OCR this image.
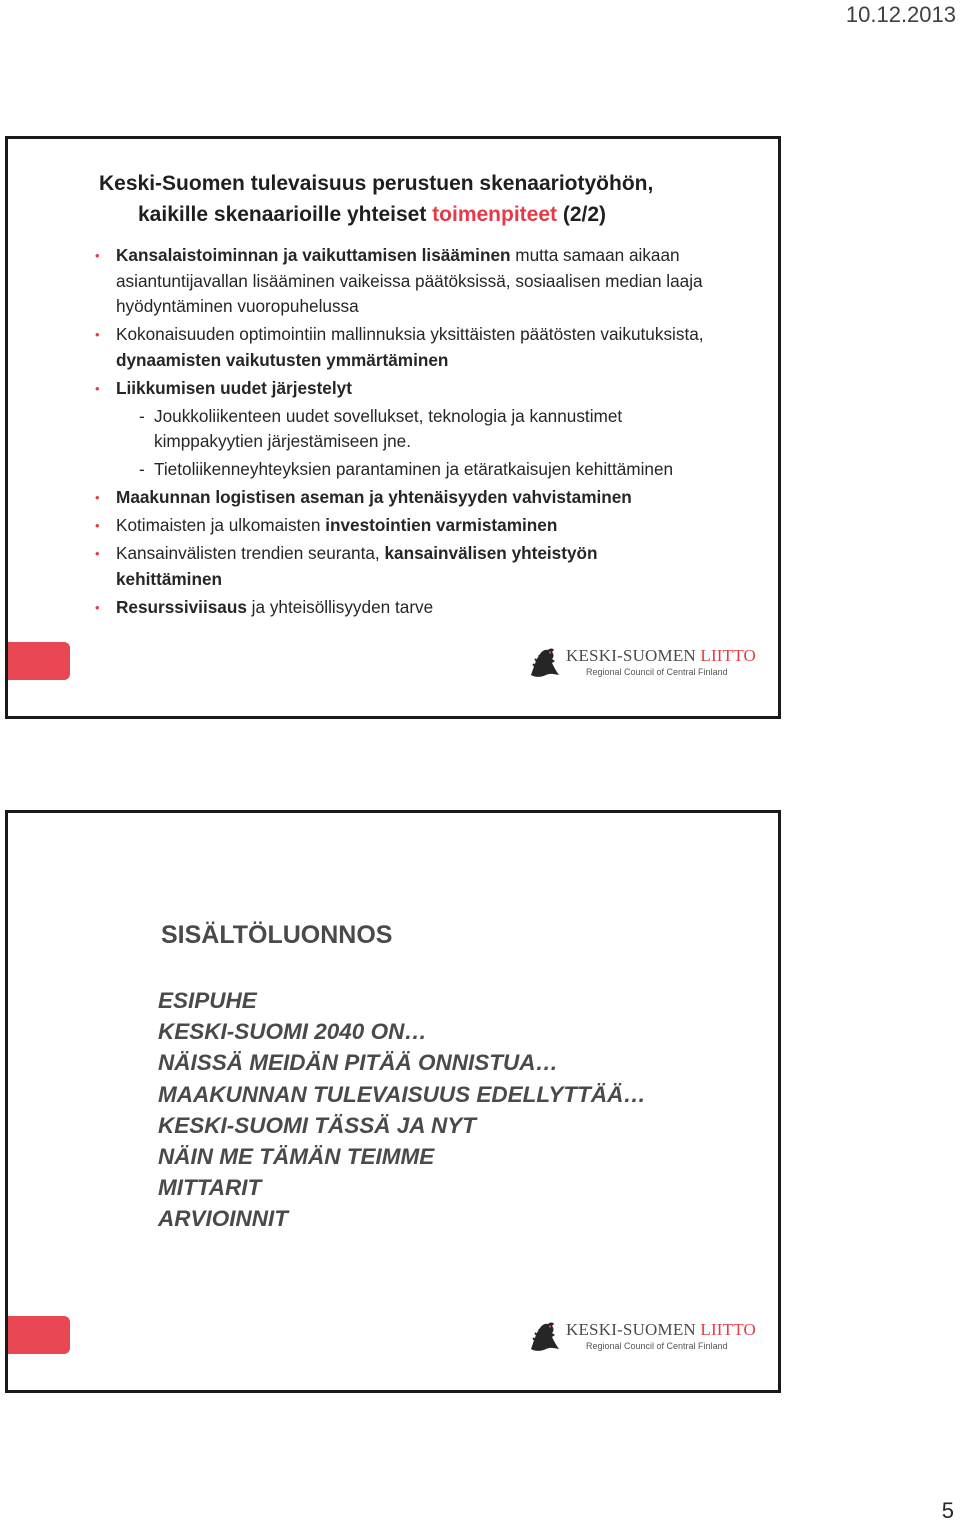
10.12.2013
Keski-Suomen tulevaisuus perustuen skenaariotyöhön,
kaikille skenaarioille yhteiset toimenpiteet (2/2)
• Kansalaistoiminnan ja vaikuttamisen lisääminen mutta samaan aikaan asiantuntijavallan lisääminen vaikeissa päätöksissä, sosiaalisen median laaja hyödyntäminen vuoropuhelussa
• Kokonaisuuden optimointiin mallinnuksia yksittäisten päätösten vaikutuksista, dynaamisten vaikutusten ymmärtäminen
• Liikkumisen uudet järjestelyt
- Joukkoliikenteen uudet sovellukset, teknologia ja kannustimet kimppakyytien järjestämiseen jne.
- Tietoliikenneyhteyksien parantaminen ja etäratkaisujen kehittäminen
• Maakunnan logistisen aseman ja yhtenäisyyden vahvistaminen
• Kotimaisten ja ulkomaisten investointien varmistaminen
• Kansainvälisten trendien seuranta, kansainvälisen yhteistyön kehittäminen
• Resurssiviisaus ja yhteisöllisyyden tarve
KESKI-SUOMEN LIITTO
Regional Council of Central Finland
SISÄLTÖLUONNOS
ESIPUHE
KESKI-SUOMI 2040 ON…
NÄISSÄ MEIDÄN PITÄÄ ONNISTUA…
MAAKUNNAN TULEVAISUUS EDELLYTTÄÄ…
KESKI-SUOMI TÄSSÄ JA NYT
NÄIN ME TÄMÄN TEIMME
MITTARIT
ARVIOINNIT
KESKI-SUOMEN LIITTO
Regional Council of Central Finland
5
